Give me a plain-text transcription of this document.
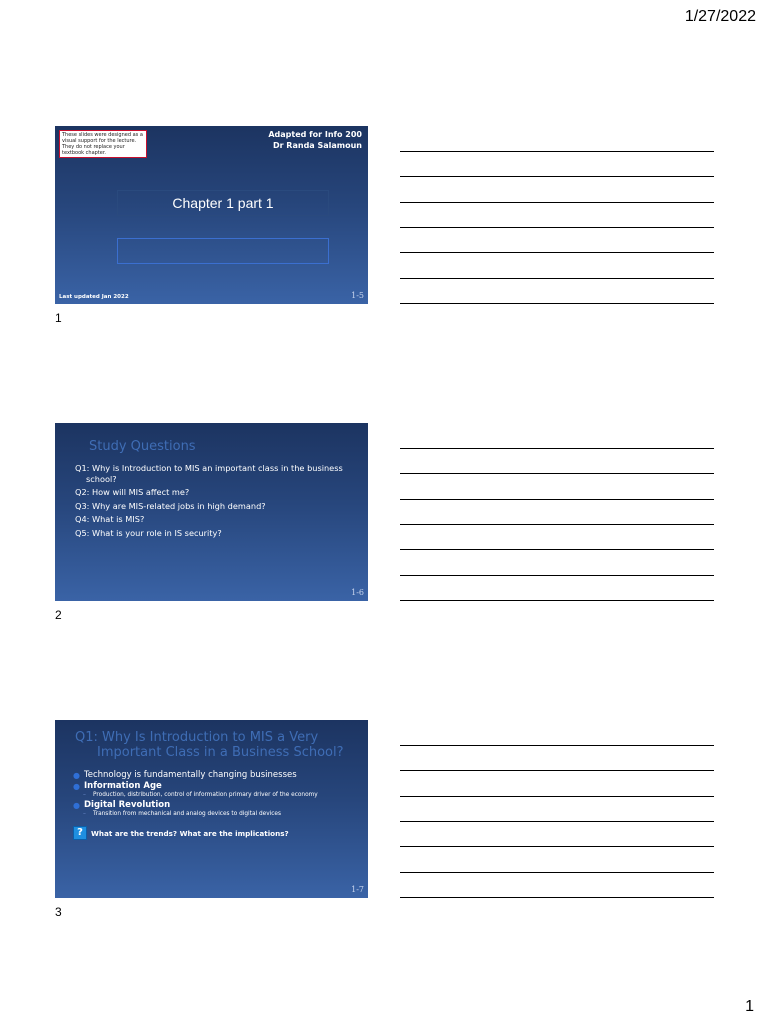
1/27/2022
These slides were designed as a visual support for the lecture. They do not replace your textbook chapter.
Adapted for Info 200
Dr Randa Salamoun
Chapter 1 part 1
Last updated Jan 2022	1-5
1
Study Questions
Q1: Why is Introduction to MIS an important class in the business school?
Q2: How will MIS affect me?
Q3: Why are MIS-related jobs in high demand?
Q4: What is MIS?
Q5: What is your role in IS security?
1-6
2
Q1: Why Is Introduction to MIS a Very
Important Class in a Business School?
● Technology is fundamentally changing businesses
● Information Age
– Production, distribution, control of information primary driver of the economy
● Digital Revolution
– Transition from mechanical and analog devices to digital devices
?	What are the trends? What are the implications?
1-7
3
1
